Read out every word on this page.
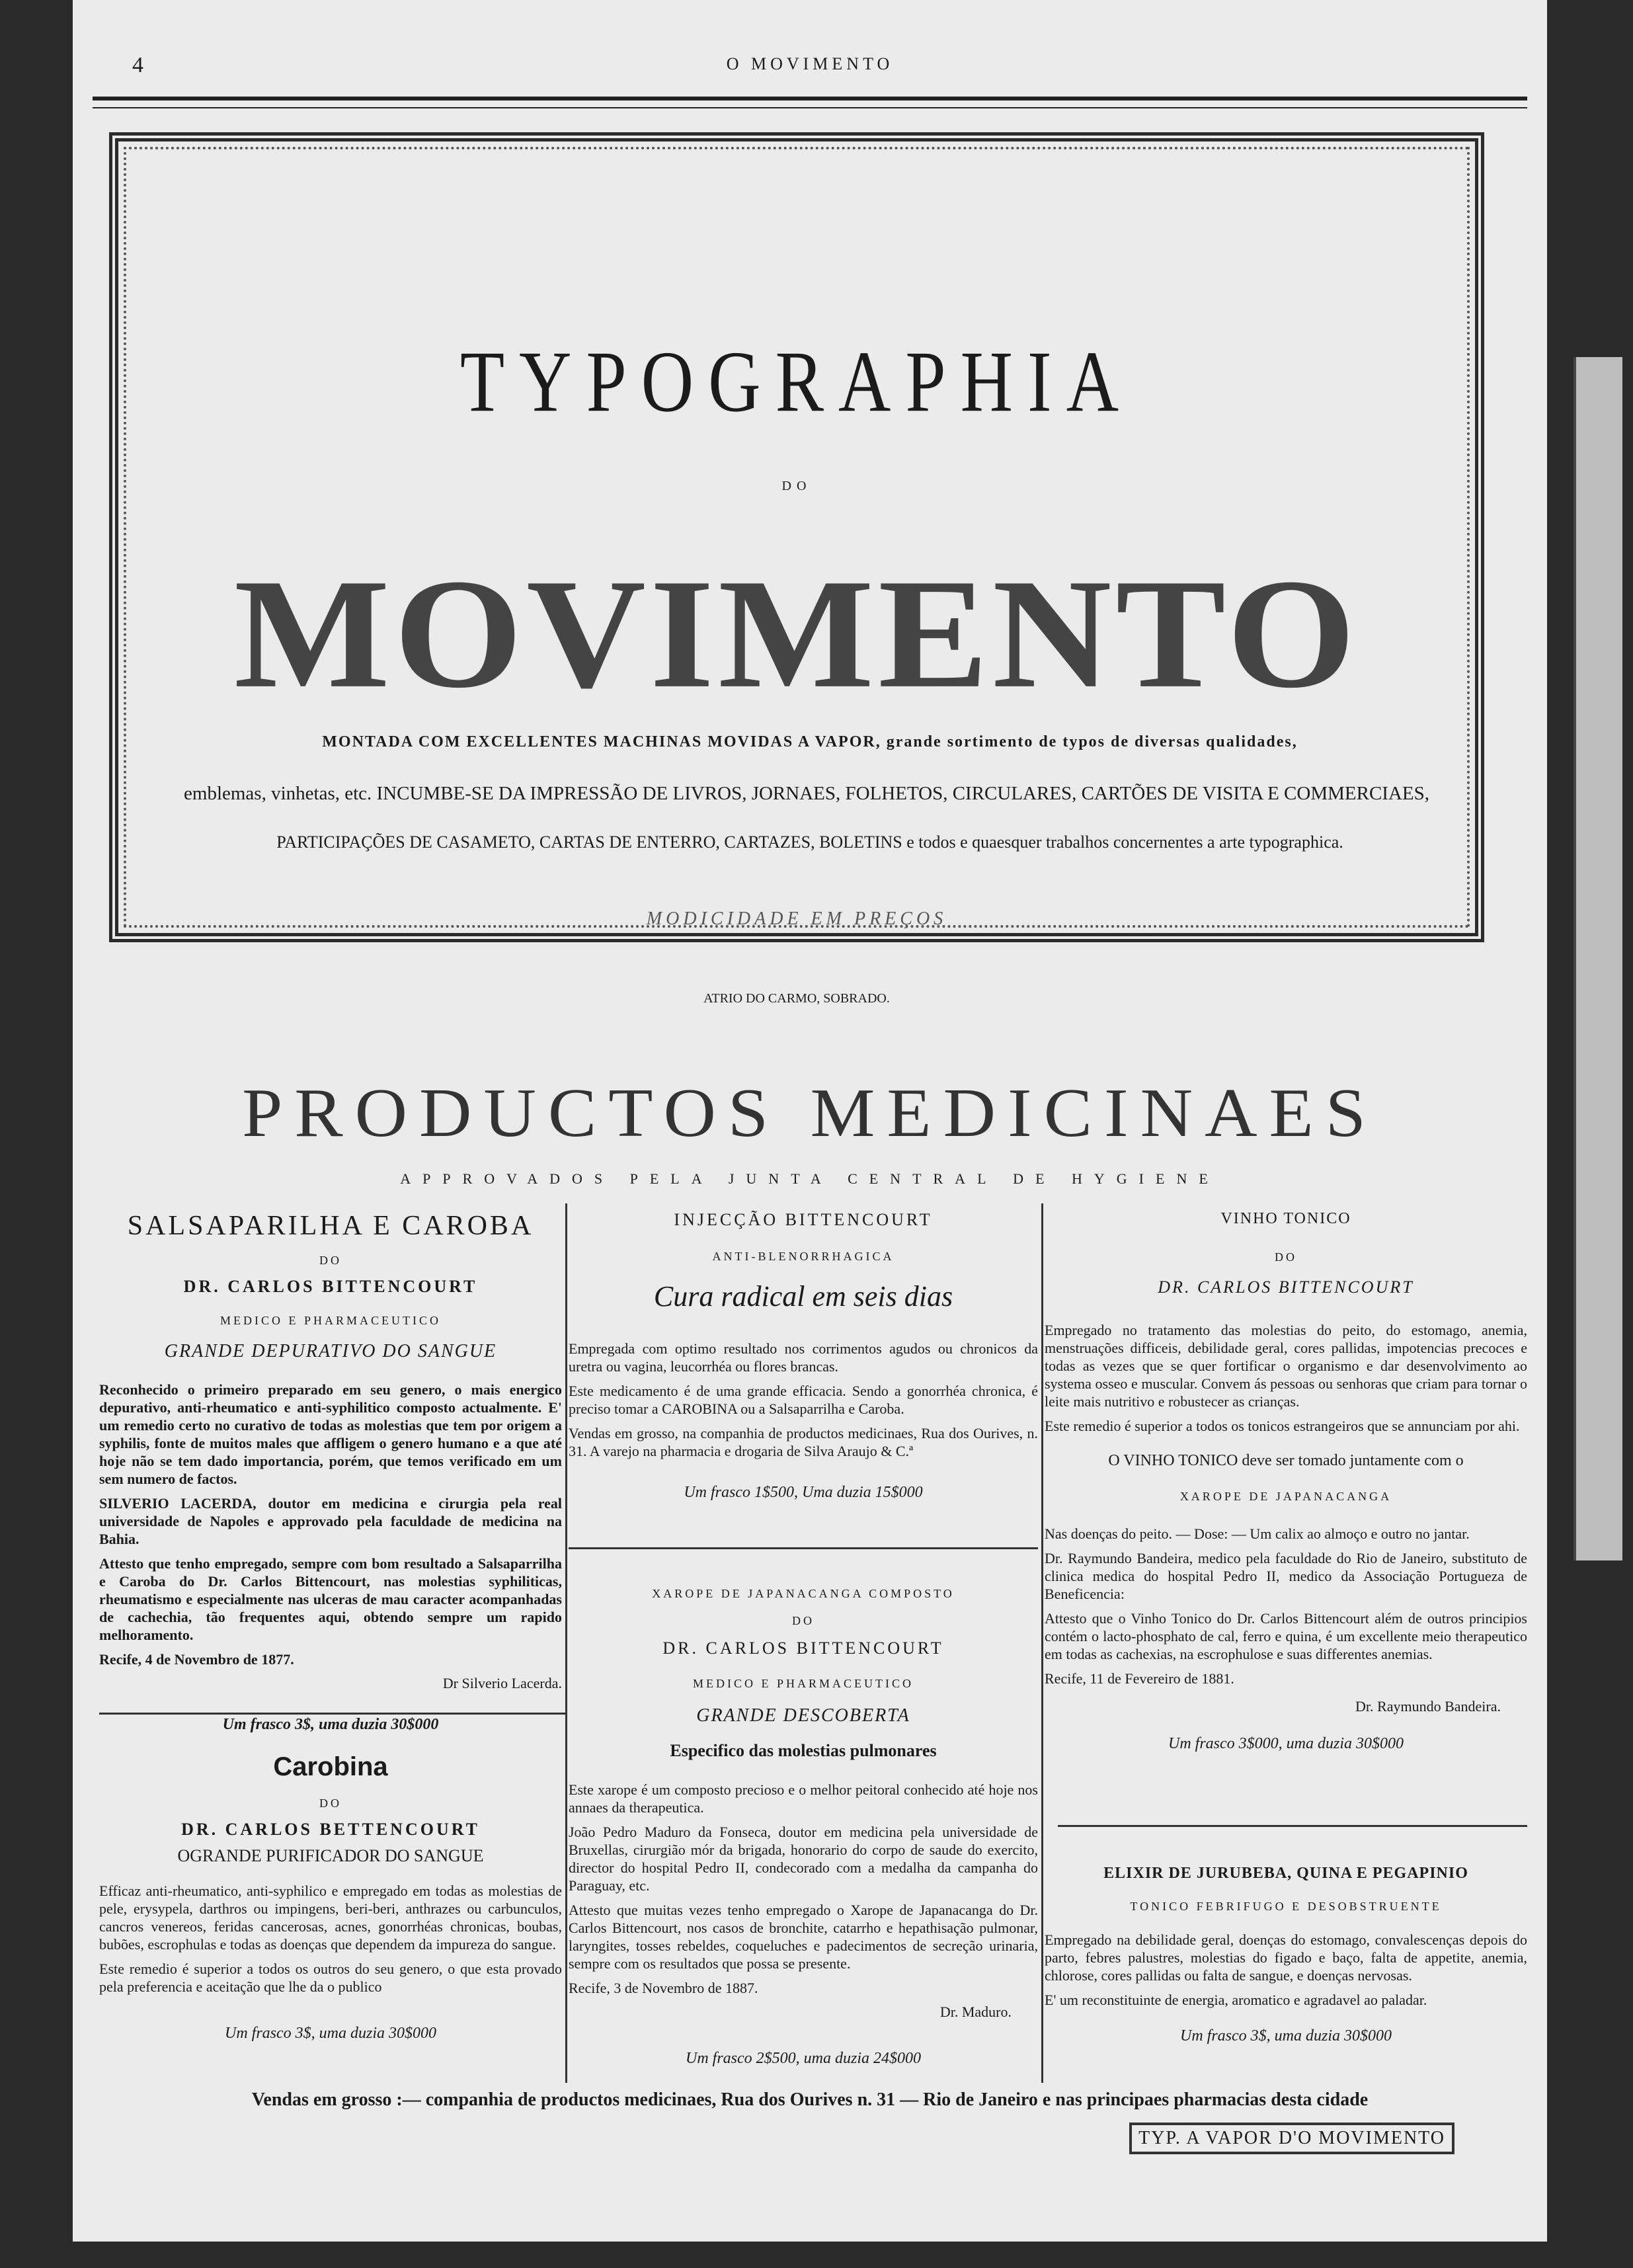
4	O MOVIMENTO
TYPOGRAPHIA
DO
MOVIMENTO
MONTADA COM EXCELLENTES MACHINAS MOVIDAS A VAPOR, grande sortimento de typos de diversas qualidades,
emblemas, vinhetas, etc. INCUMBE-SE DA IMPRESSÃO DE LIVROS, JORNAES, FOLHETOS, CIRCULARES, CARTÕES DE VISITA E COMMERCIAES,
PARTICIPAÇÕES DE CASAMETO, CARTAS DE ENTERRO, CARTAZES, BOLETINS e todos e quaesquer trabalhos concernentes a arte typographica.
MODICIDADE EM PREÇOS
ATRIO DO CARMO, SOBRADO.
PRODUCTOS MEDICINAES
APPROVADOS PELA JUNTA CENTRAL DE HYGIENE
SALSAPARILHA E CAROBA
DO
DR. CARLOS BITTENCOURT
MEDICO E PHARMACEUTICO
GRANDE DEPURATIVO DO SANGUE

Reconhecido o primeiro preparado em seu genero, o mais energico depurativo, anti-rheumatico e anti-syphilitico composto actualmente. E' um remedio certo no curativo de todas as molestias que tem por origem a syphilis, fonte de muitos males que affligem o genero humano e a que até hoje não se tem dado importancia, porém, que temos verificado em um sem numero de factos.

SILVERIO LACERDA, doutor em medicina e cirurgia pela real universidade de Napoles e approvado pela faculdade de medicina na Bahia.

Attesto que tenho empregado, sempre com bom resultado a Salsaparrilha e Caroba do Dr. Carlos Bittencourt, nas molestias syphiliticas, rheumatismo e especialmente nas ulceras de mau caracter acompanhadas de cachechia, tão frequentes aqui, obtendo sempre um rapido melhoramento.

Recife, 4 de Novembro de 1877.

Dr Silverio Lacerda.
Um frasco 3$, uma duzia 30$000
Carobina
DO
DR. CARLOS BETTENCOURT
OGRANDE PURIFICADOR DO SANGUE

Efficaz anti-rheumatico, anti-syphilico e empregado em todas as molestias de pele, erysypela, darthros ou impingens, beri-beri, anthrazes ou carbunculos, cancros venereos, feridas cancerosas, acnes, gonorrhéas chronicas, boubas, bubões, escrophulas e todas as doenças que dependem da impureza do sangue.

Este remedio é superior a todos os outros do seu genero, o que esta provado pela preferencia e aceitação que lhe da o publico

Um frasco 3$, uma duzia 30$000
INJECÇÃO BITTENCOURT
ANTI-BLENORRHAGICA
Cura radical em seis dias

Empregada com optimo resultado nos corrimentos agudos ou chronicos da uretra ou vagina, leucorrhéa ou flores brancas.

Este medicamento é de uma grande efficacia. Sendo a gonorrhéa chronica, é preciso tomar a CAROBINA ou a Salsaparrilha e Caroba.

Vendas em grosso, na companhia de productos medicinaes, Rua dos Ourives, n. 31. A varejo na pharmacia e drogaria de Silva Araujo & C.ª

Um frasco 1$500, Uma duzia 15$000
XAROPE DE JAPANACANGA COMPOSTO
DO
DR. CARLOS BITTENCOURT
MEDICO E PHARMACEUTICO
GRANDE DESCOBERTA
Especifico das molestias pulmonares

Este xarope é um composto precioso e o melhor peitoral conhecido até hoje nos annaes da therapeutica.

João Pedro Maduro da Fonseca, doutor em medicina pela universidade de Bruxellas, cirurgião mór da brigada, honorario do corpo de saude do exercito, director do hospital Pedro II, condecorado com a medalha da campanha do Paraguay, etc.

Attesto que muitas vezes tenho empregado o Xarope de Japanacanga do Dr. Carlos Bittencourt, nos casos de bronchite, catarrho e hepathisação pulmonar, laryngites, tosses rebeldes, coqueluches e padecimentos de secreção urinaria, sempre com os resultados que possa se presente.

Recife, 3 de Novembro de 1887.

Dr. Maduro.
Um frasco 2$500, uma duzia 24$000
VINHO TONICO
DO
DR. CARLOS BITTENCOURT

Empregado no tratamento das molestias do peito, do estomago, anemia, menstruações difficeis, debilidade geral, cores pallidas, impotencias precoces e todas as vezes que se quer fortificar o organismo e dar desenvolvimento ao systema osseo e muscular. Convem ás pessoas ou senhoras que criam para tornar o leite mais nutritivo e robustecer as crianças.

Este remedio é superior a todos os tonicos estrangeiros que se annunciam por ahi.

O VINHO TONICO deve ser tomado juntamente com o
XAROPE DE JAPANACANGA

Nas doenças do peito. — Dose: — Um calix ao almoço e outro no jantar.

Dr. Raymundo Bandeira, medico pela faculdade do Rio de Janeiro, substituto de clinica medica do hospital Pedro II, medico da Associação Portugueza de Beneficencia:

Attesto que o Vinho Tonico do Dr. Carlos Bittencourt além de outros principios contém o lacto-phosphato de cal, ferro e quina, é um excellente meio therapeutico em todas as cachexias, na escrophulose e suas differentes anemias.

Recife, 11 de Fevereiro de 1881.

Dr. Raymundo Bandeira.
Um frasco 3$000, uma duzia 30$000
ELIXIR DE JURUBEBA, QUINA E PEGAPINIO
TONICO FEBRIFUGO E DESOBSTRUENTE

Empregado na debilidade geral, doenças do estomago, convalescenças depois do parto, febres palustres, molestias do figado e baço, falta de appetite, anemia, chlorose, cores pallidas ou falta de sangue, e doenças nervosas.

E' um reconstituinte de energia, aromatico e agradavel ao paladar.

Um frasco 3$, uma duzia 30$000
Vendas em grosso :— companhia de productos medicinaes, Rua dos Ourives n. 31 — Rio de Janeiro e nas principaes pharmacias desta cidade
TYP. A VAPOR D'O MOVIMENTO
